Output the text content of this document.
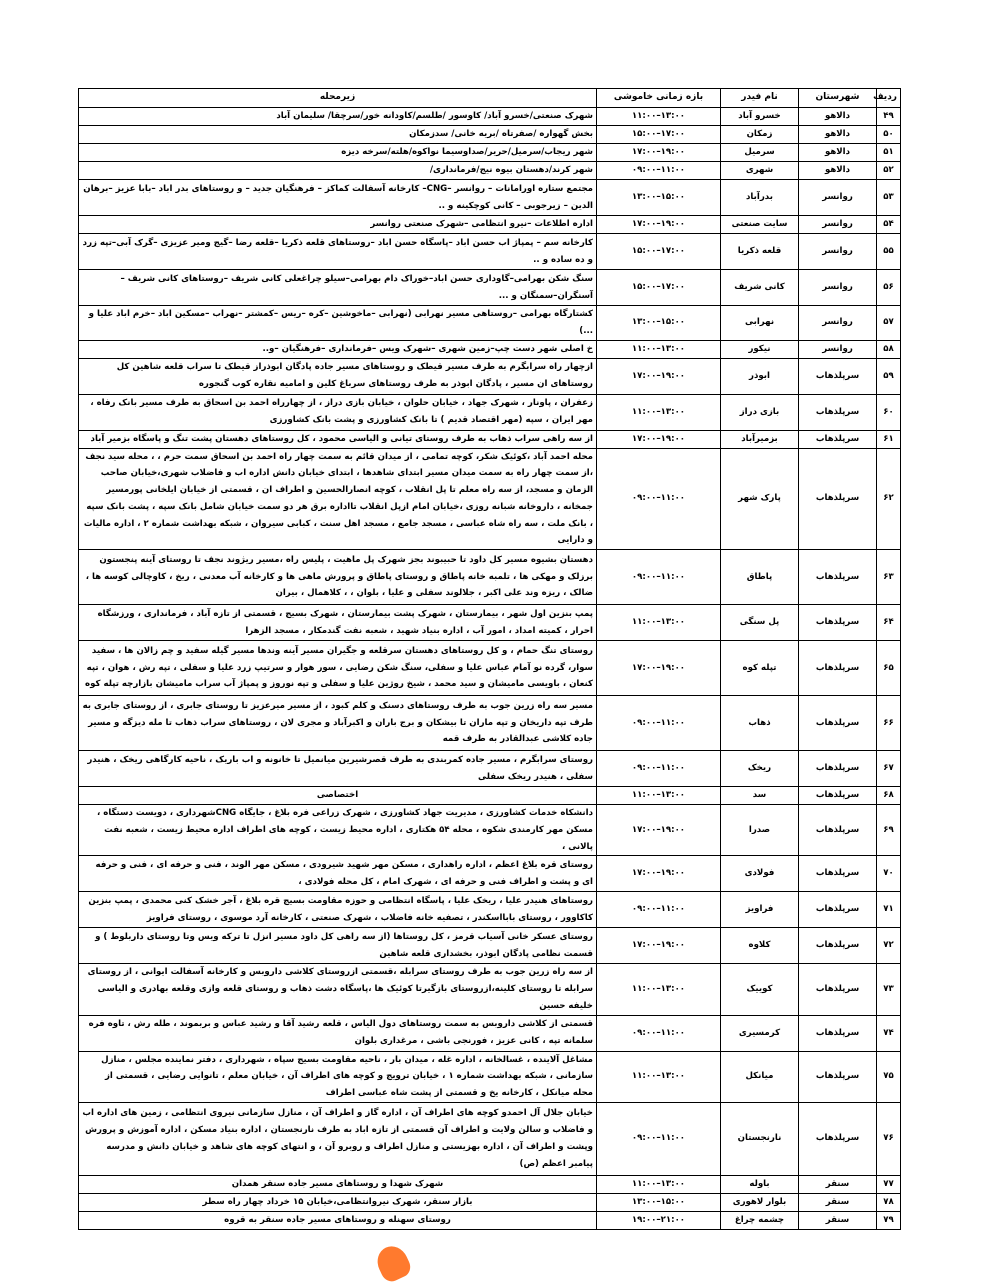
ردیف	شهرستان	نام فیدر	بازه زمانی خاموشی	زیرمحله
۴۹	دالاهو	خسرو آباد	۱۱:۰۰–۱۳:۰۰	شهرک صنعتی/خسرو آباد/ کاوسور /طلسم/کاودانه خور/سرچقا/ سلیمان آباد
۵۰	دالاهو	زمکان	۱۵:۰۰–۱۷:۰۰	بخش گهواره /صفرتاه /بریه خانی/ سدزمکان
۵۱	دالاهو	سرمیل	۱۷:۰۰–۱۹:۰۰	شهر ریجاب/سرمیل/حریر/صداوسیما نواکوه/هلته/سرخه دیزه
۵۲	دالاهو	شهری	۰۹:۰۰–۱۱:۰۰	شهر کرند/دهستان بیوه نیج/فرمانداری/
۵۳	روانسر	بدرآباد	۱۳:۰۰–۱۵:۰۰	مجتمع ستاره اورامانات – روانسر –CNG– کارخانه آسفالت کماکز – فرهنگیان جدید – و روستاهای بدر اباد –بابا عزیز –برهان الدین – زیرجوبی – کانی کوچکینه و ..
۵۴	روانسر	سایت صنعتی	۱۷:۰۰–۱۹:۰۰	اداره اطلاعات –نیرو انتظامی –شهرک صنعتی روانسر
۵۵	روانسر	قلعه ذکریا	۱۵:۰۰–۱۷:۰۰	کارخانه سم – پمپاژ اب حسن اباد –پاسگاه حسن اباد –روستاهای قلعه ذکریا –قلعه رضا –گیج ومیر عزیزی –گرک آبی–تپه زرد و ده ساده و ..
۵۶	روانسر	کانی شریف	۱۵:۰۰–۱۷:۰۰	سنگ شکن بهرامی–گاوداری حسن اباد–خوراک دام بهرامی–سیلو چراغعلی کانی شریف –روستاهای کانی شریف –آسنگران–سمنگان و ...
۵۷	روانسر	نهرابی	۱۳:۰۰–۱۵:۰۰	کشتارگاه بهرامی –روستاهی مسیر نهرابی (نهرابی –ماخوشین –کره –ریس –کمشتر –نهراب –مسکین اباد –خرم اباد علیا و ...)
۵۸	روانسر	نیکور	۱۱:۰۰–۱۳:۰۰	خ اصلی شهر دست چپ–زمین شهری –شهرک ویس –فرمانداری –فرهنگیان –و..
۵۹	سرپلذهاب	ابوذر	۱۷:۰۰–۱۹:۰۰	ازچهار راه سرابگرم به طرف مسیر قیطک و روستاهای مسیر جاده پادگان ابوذراز قیطک تا سراب قلعه شاهین کل روستاهای ان مسیر ، پادگان ابوذر به طرف روستاهای سرباغ کلین و امامیه نقاره کوب گنجوره
۶۰	سرپلذهاب	بازی دراز	۱۱:۰۰–۱۳:۰۰	زعفران ، پاونار ، شهرک جهاد ، خیابان حلوان ، خیابان بازی دراز ، از چهارراه احمد بن اسحاق به طرف مسیر بانک رفاه ، مهر ایران ، سپه (مهر اقتصاد قدیم ) تا بانک کشاورزی و پشت بانک کشاورزی
۶۱	سرپلذهاب	بزمیرآباد	۱۷:۰۰–۱۹:۰۰	از سه راهی سراب ذهاب به طرف روستای تیانی و الیاسی محمود ، کل روستاهای دهستان پشت تنگ و پاسگاه بزمیر آباد
۶۲	سرپلذهاب	پارک شهر	۰۹:۰۰–۱۱:۰۰	محله احمد آباد ،کوئیک شکر، کوچه تمامی ، از میدان قائم به سمت چهار راه احمد بن اسحاق سمت حرم ، ، محله سید نجف ،از سمت چهار راه به سمت میدان مسیر ابتدای شاهدها ، ابتدای خیابان دانش اداره اب و فاضلاب شهری،خیابان صاحب الزمان و مسجد، از سه راه معلم تا پل انقلاب ، کوچه انصارالحسین و اطراف ان ، قسمتی از خیابان ایلخانی پورمسیر جمخانه ، داروخانه شبانه روزی ،خیابان امام ازپل انقلاب تااداره برق هر دو سمت خیابان شامل بانک سپه ، پشت بانک سپه ، بانک ملت ، سه راه شاه عباسی ، مسجد جامع ، مسجد اهل سنت ، کبابی سیروان ، شبکه بهداشت شماره ۲ ، اداره مالیات و دارایی
۶۳	سرپلذهاب	پاطاق	۰۹:۰۰–۱۱:۰۰	دهستان بشیوه مسیر کل داود تا حبیبوند بجز شهرک پل ماهیت ، پلیس راه ،مسیر ریژوند نجف تا روستای آینه پنجستون برزلک و مهکی ها ، تلمبه خانه پاطاق و روستای پاطاق و پرورش ماهی ها و کارخانه آب معدنی ، ریخ ، کاوچالی کوسه ها ، ضالک ، ریزه وند علی اکبر ، جلالوند سفلی و علیا ، بلوان ، ، کلاهمال ، بیران
۶۴	سرپلذهاب	پل سنگی	۱۱:۰۰–۱۳:۰۰	پمپ بنزین اول شهر ، بیمارستان ، شهرک پشت بیمارستان ، شهرک بسیج ، قسمتی از تازه آباد ، فرمانداری ، ورزشگاه احرار ، کمیته امداد ، امور آب ، اداره بنیاد شهید ، شعبه نفت گندمکار ، مسجد الزهرا
۶۵	سرپلذهاب	تپله کوه	۱۷:۰۰–۱۹:۰۰	روستای تنگ حمام ، و کل روستاهای دهستان سرقلعه و جگیران مسیر آینه وندها مسیر گیله سفید و چم زالان ها ، سفید سوار، گرده نو آمام عباس علیا و سفلی، سنگ شکن رضایی ، سور هوار و سرتیپ زرد علیا و سفلی ، تپه رش ، هوان ، تپه کنعان ، باویسی ماميشان و سید محمد ، شیخ روژین علیا و سفلی و تپه نوروز و پمپاژ آب سراب ماميشان بازارچه تپله کوه
۶۶	سرپلذهاب	ذهاب	۰۹:۰۰–۱۱:۰۰	مسیر سه راه زرین جوب به طرف روستاهای دسنک و کلم کبود ، از مسیر میرعزیز تا روستای جابری ، از روستای جابری به طرف تپه داریخان و تپه ماران تا بیشکان و برج باران و اکبرآباد و مجری لان ، روستاهای سراب ذهاب تا مله دیزگه و مسیر جاده کلاشی عبدالقادر به طرف قمه
۶۷	سرپلذهاب	ریخک	۰۹:۰۰–۱۱:۰۰	روستای سرابگرم ، مسیر جاده کمربندی به طرف قصرشیرین میانمیل تا خانونه و اب باریک ، ناحیه کارگاهی ریخک ، هنیدر سفلی ، هنیدر ریخک سفلی
۶۸	سرپلذهاب	سد	۱۱:۰۰–۱۳:۰۰	اختصاصی
۶۹	سرپلذهاب	صدرا	۱۷:۰۰–۱۹:۰۰	دانشکاه خدمات کشاورزی ، مدیریت جهاد کشاورزی ، شهرک زراعی فره بلاغ ، جایگاه CNGشهرداری ، دویست دستگاه ، مسکن مهر کارمندی شکوه ، محله ۵۴ هکتاری ، اداره محیط زیست ، کوچه های اطراف اداره محیط زیست ، شعبه نفت پالانی ،
۷۰	سرپلذهاب	فولادی	۱۷:۰۰–۱۹:۰۰	روستای قره بلاغ اعظم ، اداره راهداری ، مسکن مهر شهید شیرودی ، مسکن مهر الوند ، فنی و حرفه ای ، فنی و حرفه ای و پشت و اطراف فنی و حرفه ای ، شهرک امام ، کل محله فولادی ،
۷۱	سرپلذهاب	فراویز	۰۹:۰۰–۱۱:۰۰	روستاهای هنیدر علیا ، ریخک علیا ، پاسگاه انتظامی و حوزه مقاومت بسیج قره بلاغ ، آجر خشک کنی محمدی ، پمپ بنزین کاکاوور ، روستای بابااسکندر ، تصفیه خانه فاضلاب ، شهرک صنعتی ، کارخانه آرد موسوی ، روستای فراویز
۷۲	سرپلذهاب	کلاوه	۱۷:۰۰–۱۹:۰۰	روستای عسکر خانی آسیاب قرمز ، کل روستاها (از سه راهی کل داود مسیر انزل تا ترکه ویس وتا روستای داربلوط ) و قسمت نظامی پادگان ابوذر، بخشداری قلعه شاهین
۷۳	سرپلذهاب	کوییک	۱۱:۰۰–۱۳:۰۰	از سه راه زرین جوب به طرف روستای سرابله ،قسمتی ازروستای کلاشی داروبس و کارخانه آسفالت ایوانی ، از روستای سرابله تا روستای کلینه،ازروستای بازگیرتا کوئیک ها ،پاسگاه دشت ذهاب و روستای قلعه وازی وقلعه بهادری و الیاسی خلیفه حسین
۷۴	سرپلذهاب	کرمسیری	۰۹:۰۰–۱۱:۰۰	قسمتی از کلاشی داروبس به سمت روستاهای دول الیاس ، قلعه رشید آقا و رشید عباس و بربموند ، طله رش ، تاوه فره سلمانه تپه ، کانی عزیز ، فورنجی باشی ، مرغداری بلوان
۷۵	سرپلذهاب	میانکل	۱۱:۰۰–۱۳:۰۰	مشاغل آلاینده ، غسالخانه ، اداره غله ، میدان بار ، ناحیه مقاومت بسیج سپاه ، شهرداری ، دفتر نماینده مجلس ، منازل سازمانی ، شبکه بهداشت شماره ۱ ، خیابان ترویج و کوچه های اطراف آن ، خیابان معلم ، تانوایی رضایی ، قسمتی از محله میانکل ، کارخانه یخ و قسمتی از پشت شاه عباسی اطراف
۷۶	سرپلذهاب	نارنجستان	۰۹:۰۰–۱۱:۰۰	خیابان جلال آل احمدو کوچه های اطراف آن ، اداره گاز و اطراف آن ، منازل سازمانی نیروی انتظامی ، زمین های اداره اب و فاضلاب و سالن ولایت و اطراف آن قسمتی از تازه اباد به طرف نارنجستان ، اداره بنیاد مسکن ، اداره آموزش و پرورش وپشت و اطراف آن ، اداره بهزیستی و منازل اطراف و روبرو آن ، و انتهای کوچه های شاهد و خیابان دانش و مدرسه پیامبر اعظم (ص)
۷۷	سنقر	باوله	۱۱:۰۰–۱۳:۰۰	شهرک شهدا و روستاهای مسیر جاده سنقر همدان
۷۸	سنقر	بلوار لاهوری	۱۳:۰۰–۱۵:۰۰	بازار سنقر، شهرک نیروانتظامی،خیابان ۱۵ خرداد چهار راه سطر
۷۹	سنقر	چشمه چراغ	۱۹:۰۰–۲۱:۰۰	روستای سهنله و روستاهای مسیر جاده سنقر به قروه
